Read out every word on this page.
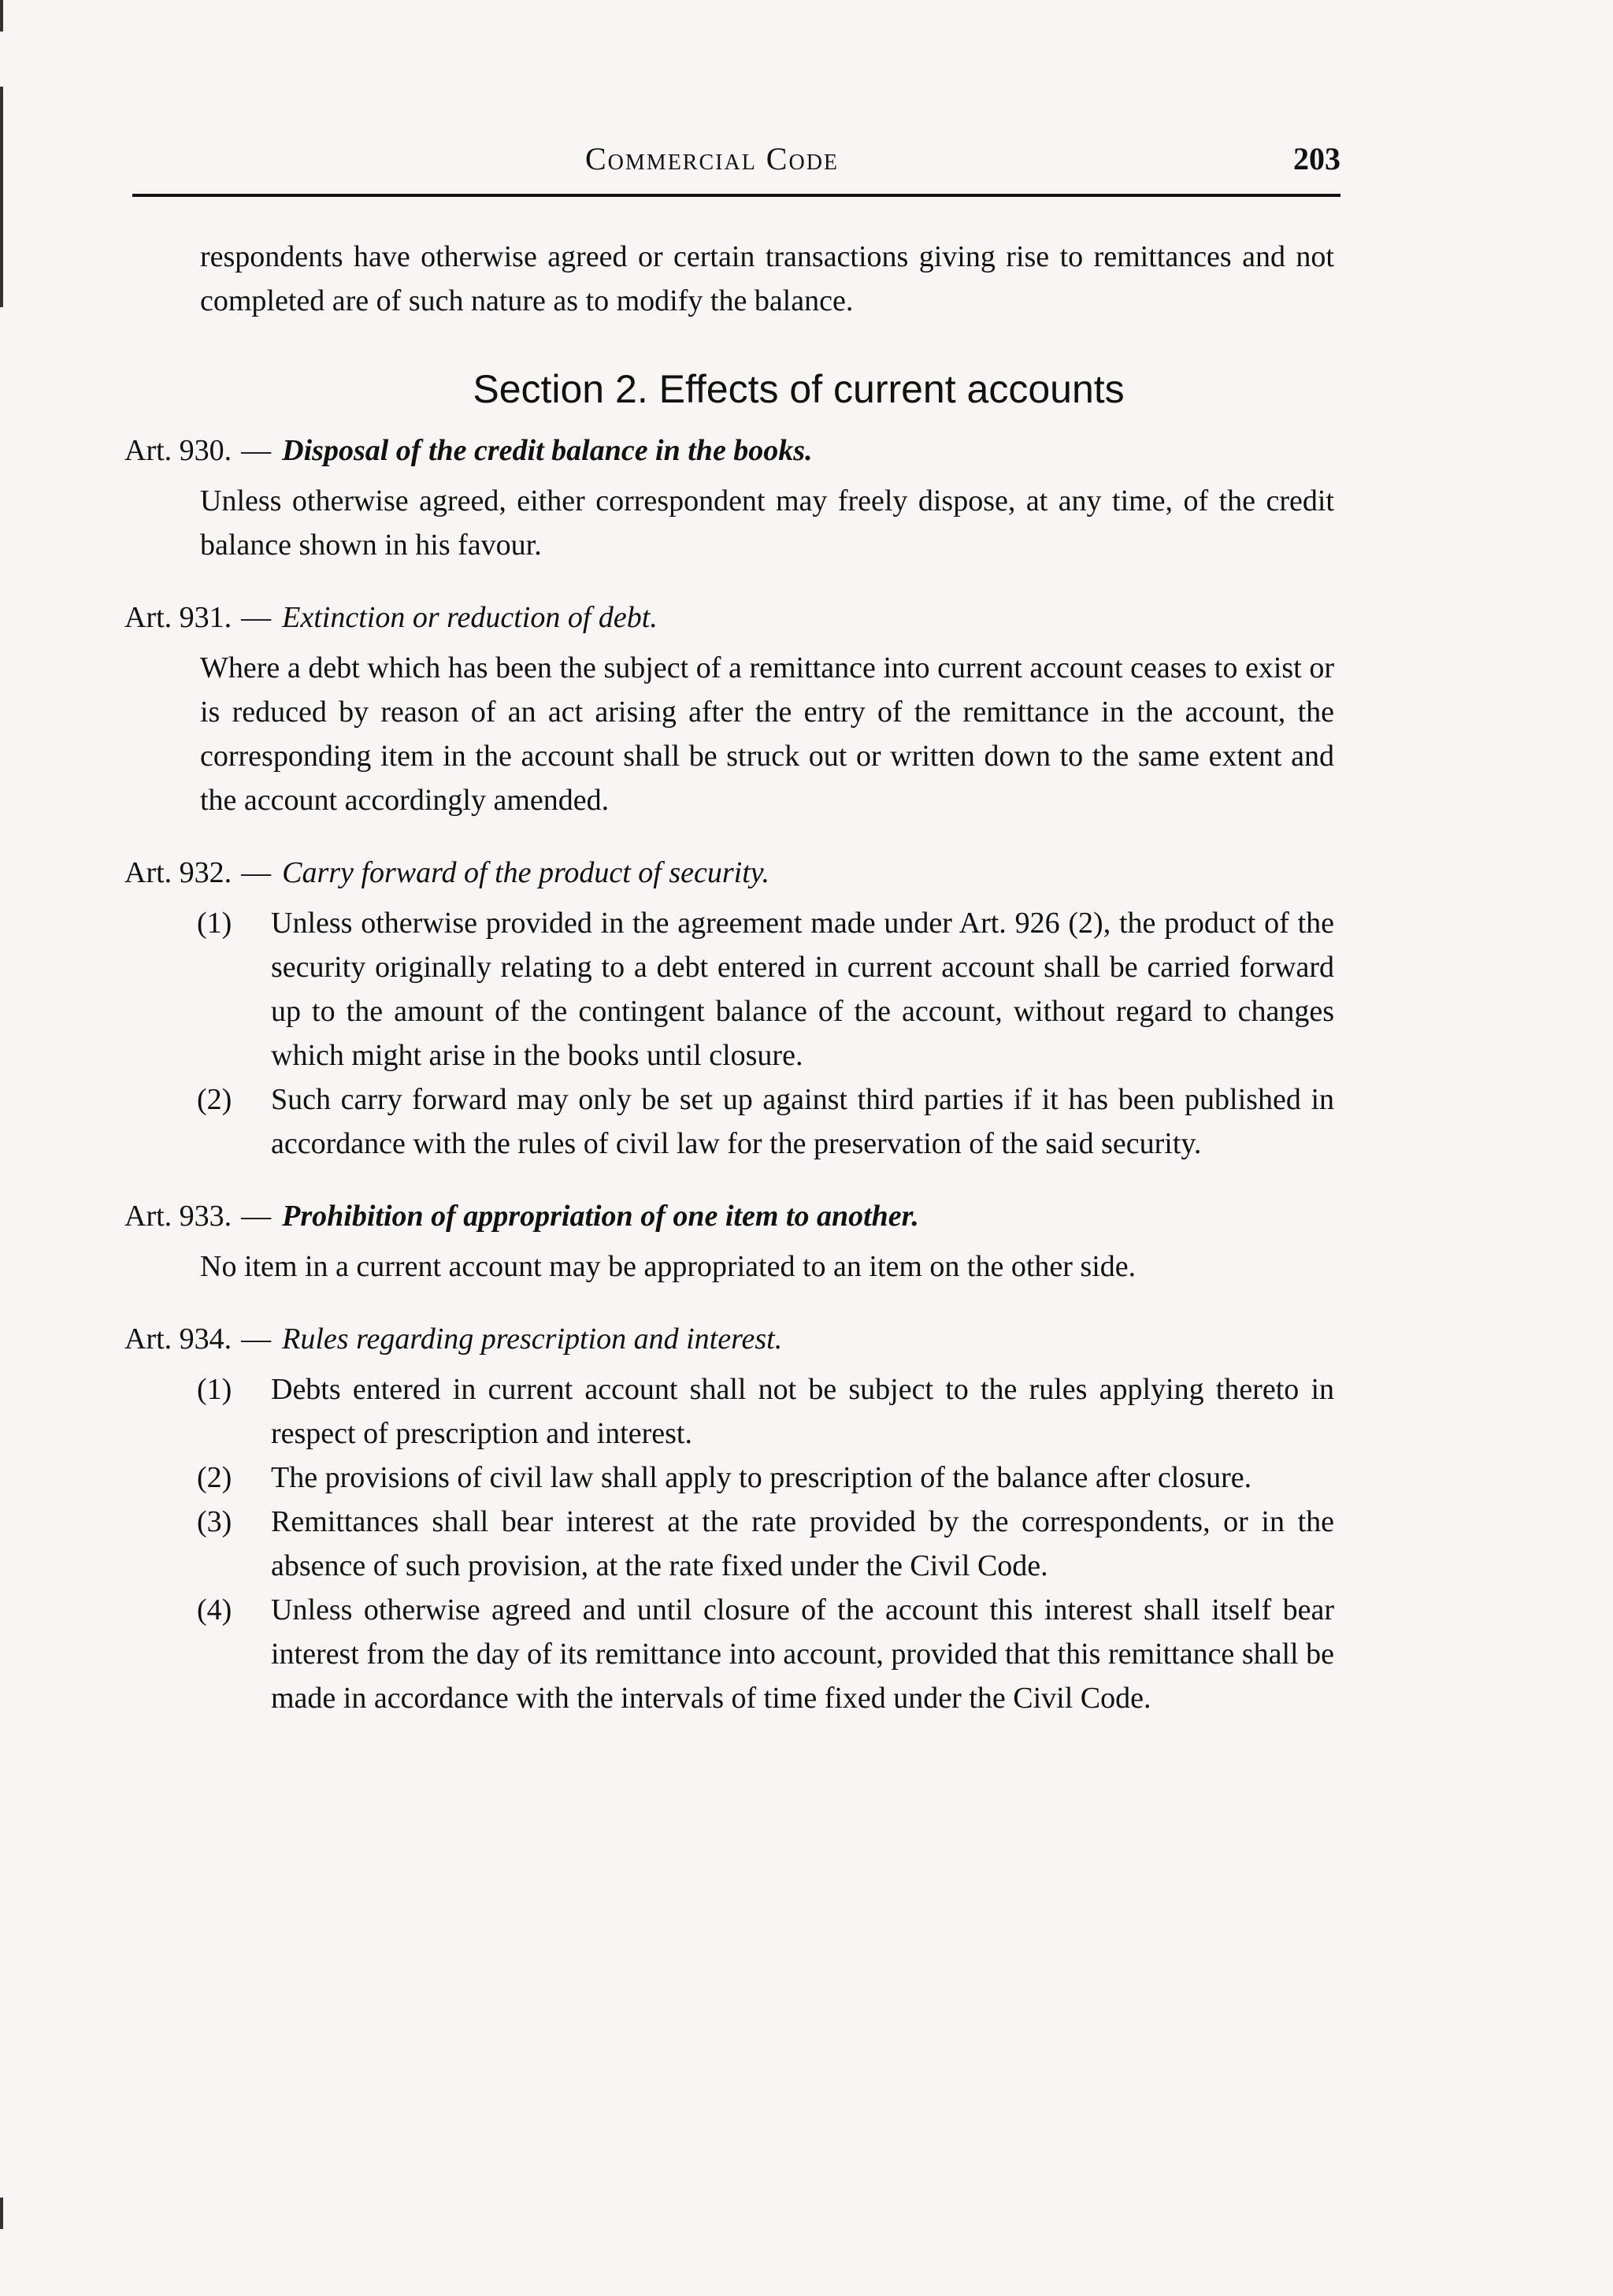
Commercial Code	203

respondents have otherwise agreed or certain transactions giving rise to remittances and not completed are of such nature as to modify the balance.

Section 2. Effects of current accounts
Art. 930. — Disposal of the credit balance in the books.

Unless otherwise agreed, either correspondent may freely dispose, at any time, of the credit balance shown in his favour.

Art. 931. — Extinction or reduction of debt.

Where a debt which has been the subject of a remittance into current account ceases to exist or is reduced by reason of an act arising after the entry of the remittance in the account, the corresponding item in the account shall be struck out or written down to the same extent and the account accordingly amended.

Art. 932. — Carry forward of the product of security.
(1) Unless otherwise provided in the agreement made under Art. 926 (2), the product of the security originally relating to a debt entered in current account shall be carried forward up to the amount of the contingent balance of the account, without regard to changes which might arise in the books until closure.

(2) Such carry forward may only be set up against third parties if it has been published in accordance with the rules of civil law for the preservation of the said security.

Art. 933. — Prohibition of appropriation of one item to another.

No item in a current account may be appropriated to an item on the other side.

Art. 934. — Rules regarding prescription and interest.
(1) Debts entered in current account shall not be subject to the rules applying thereto in respect of prescription and interest.

(2) The provisions of civil law shall apply to prescription of the balance after closure.

(3) Remittances shall bear interest at the rate provided by the correspondents, or in the absence of such provision, at the rate fixed under the Civil Code.

(4) Unless otherwise agreed and until closure of the account this interest shall itself bear interest from the day of its remittance into account, provided that this remittance shall be made in accordance with the intervals of time fixed under the Civil Code.
